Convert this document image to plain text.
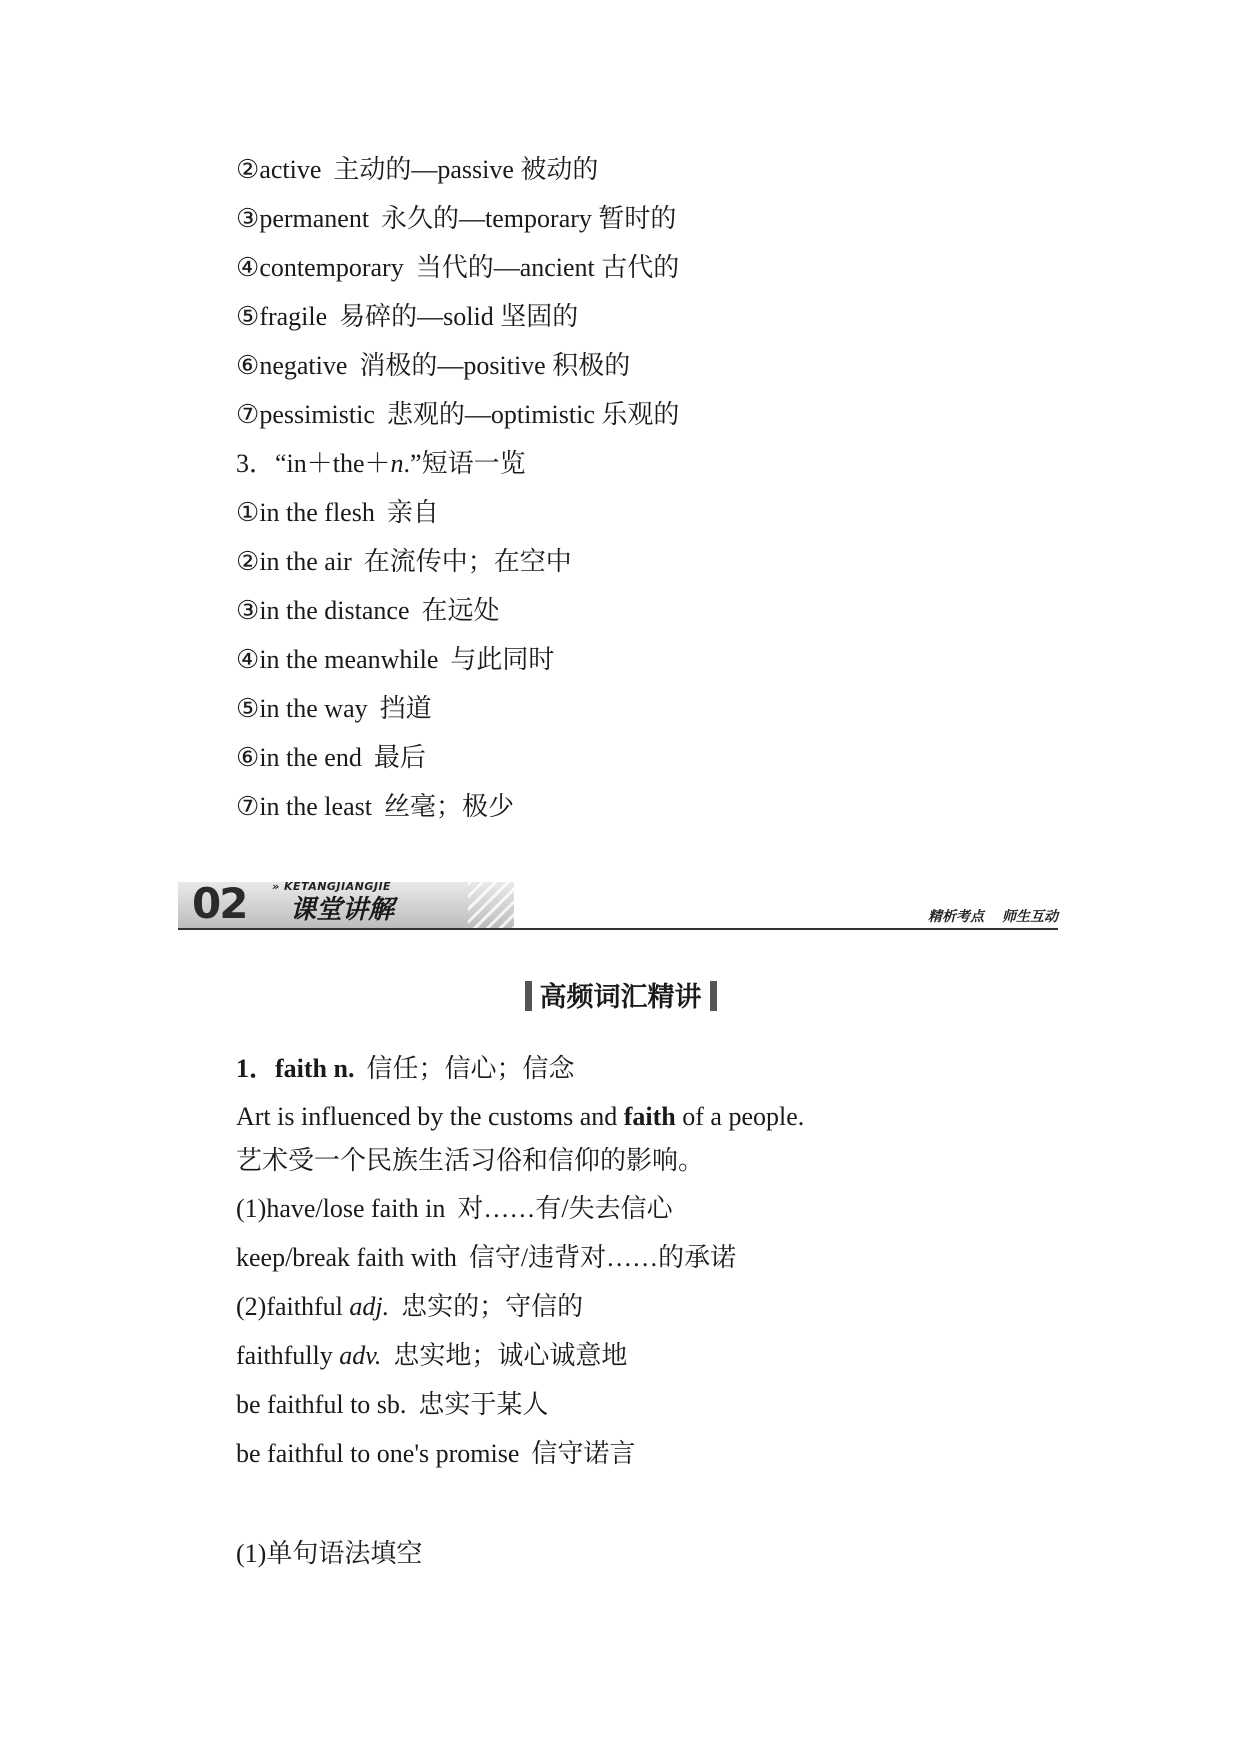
②active 主动的—passive 被动的
③permanent 永久的—temporary 暂时的
④contemporary 当代的—ancient 古代的
⑤fragile 易碎的—solid 坚固的
⑥negative 消极的—positive 积极的
⑦pessimistic 悲观的—optimistic 乐观的
3．“in＋the＋n.”短语一览
①in the flesh 亲自
②in the air 在流传中；在空中
③in the distance 在远处
④in the meanwhile 与此同时
⑤in the way 挡道
⑥in the end 最后
⑦in the least 丝毫；极少
02 » KETANGJIANGJIE
课堂讲解	精析考点 师生互动
高频词汇精讲
1．faith n. 信任；信心；信念
Art is influenced by the customs and faith of a people.
艺术受一个民族生活习俗和信仰的影响。
(1)have/lose faith in 对……有/失去信心
keep/break faith with 信守/违背对……的承诺
(2)faithful adj. 忠实的；守信的
faithfully adv. 忠实地；诚心诚意地
be faithful to sb. 忠实于某人
be faithful to one's promise 信守诺言
(1)单句语法填空
